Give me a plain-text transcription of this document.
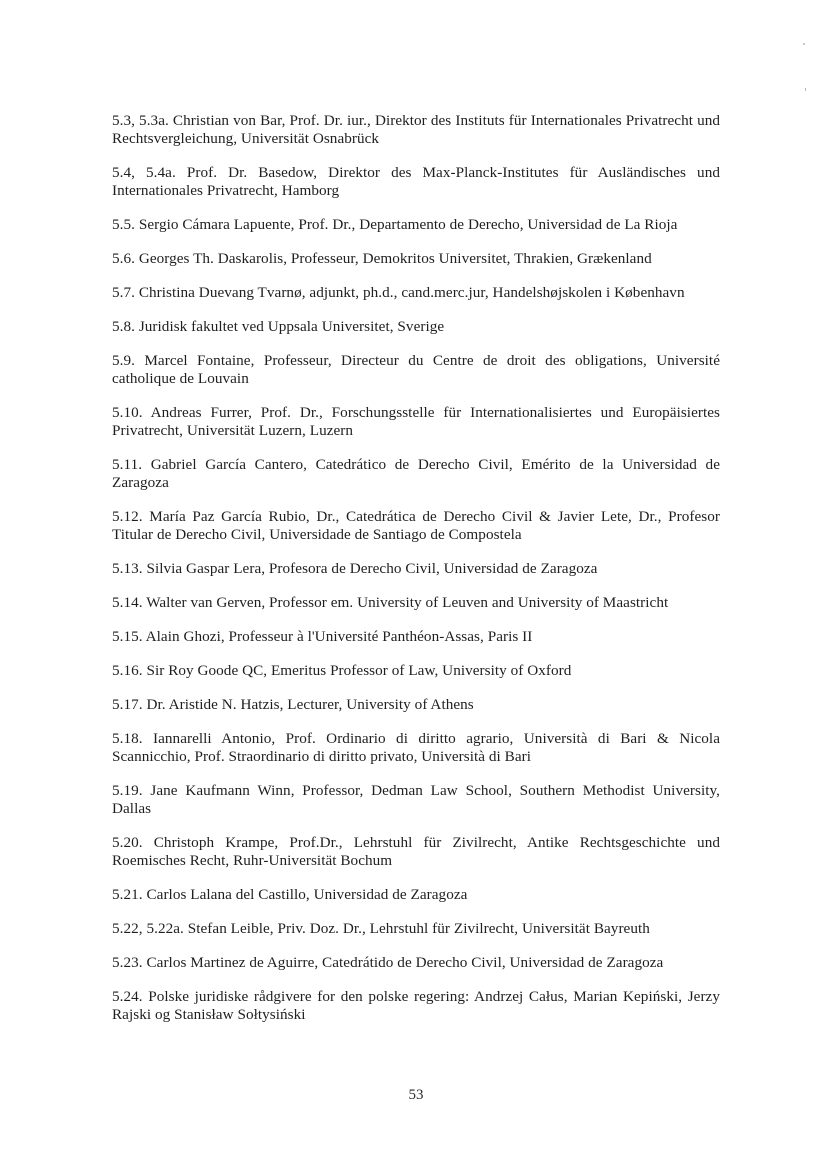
5.3, 5.3a. Christian von Bar, Prof. Dr. iur., Direktor des Instituts für Internationales Privatrecht und Rechtsvergleichung, Universität Osnabrück

5.4, 5.4a. Prof. Dr. Basedow, Direktor des Max-Planck-Institutes für Ausländisches und Internationales Privatrecht, Hamborg

5.5. Sergio Cámara Lapuente, Prof. Dr., Departamento de Derecho, Universidad de La Rioja

5.6. Georges Th. Daskarolis, Professeur, Demokritos Universitet, Thrakien, Grækenland

5.7. Christina Duevang Tvarnø, adjunkt, ph.d., cand.merc.jur, Handelshøjskolen i København

5.8. Juridisk fakultet ved Uppsala Universitet, Sverige

5.9. Marcel Fontaine, Professeur, Directeur du Centre de droit des obligations, Université catholique de Louvain

5.10. Andreas Furrer, Prof. Dr., Forschungsstelle für Internationalisiertes und Europäisiertes Privatrecht, Universität Luzern, Luzern

5.11. Gabriel García Cantero, Catedrático de Derecho Civil, Emérito de la Universidad de Zaragoza

5.12. María Paz García Rubio, Dr., Catedrática de Derecho Civil & Javier Lete, Dr., Profesor Titular de Derecho Civil, Universidade de Santiago de Compostela

5.13. Silvia Gaspar Lera, Profesora de Derecho Civil, Universidad de Zaragoza

5.14. Walter van Gerven, Professor em. University of Leuven and University of Maastricht

5.15. Alain Ghozi, Professeur à l'Université Panthéon-Assas, Paris II

5.16. Sir Roy Goode QC, Emeritus Professor of Law, University of Oxford

5.17. Dr. Aristide N. Hatzis, Lecturer, University of Athens

5.18. Iannarelli Antonio, Prof. Ordinario di diritto agrario, Università di Bari & Nicola Scannicchio, Prof. Straordinario di diritto privato, Università di Bari

5.19. Jane Kaufmann Winn, Professor, Dedman Law School, Southern Methodist University, Dallas

5.20. Christoph Krampe, Prof.Dr., Lehrstuhl für Zivilrecht, Antike Rechtsgeschichte und Roemisches Recht, Ruhr-Universität Bochum

5.21. Carlos Lalana del Castillo, Universidad de Zaragoza

5.22, 5.22a. Stefan Leible, Priv. Doz. Dr., Lehrstuhl für Zivilrecht, Universität Bayreuth

5.23. Carlos Martinez de Aguirre, Catedrátido de Derecho Civil, Universidad de Zaragoza

5.24. Polske juridiske rådgivere for den polske regering: Andrzej Całus, Marian Kepiński, Jerzy Rajski og Stanisław Sołtysiński

53
